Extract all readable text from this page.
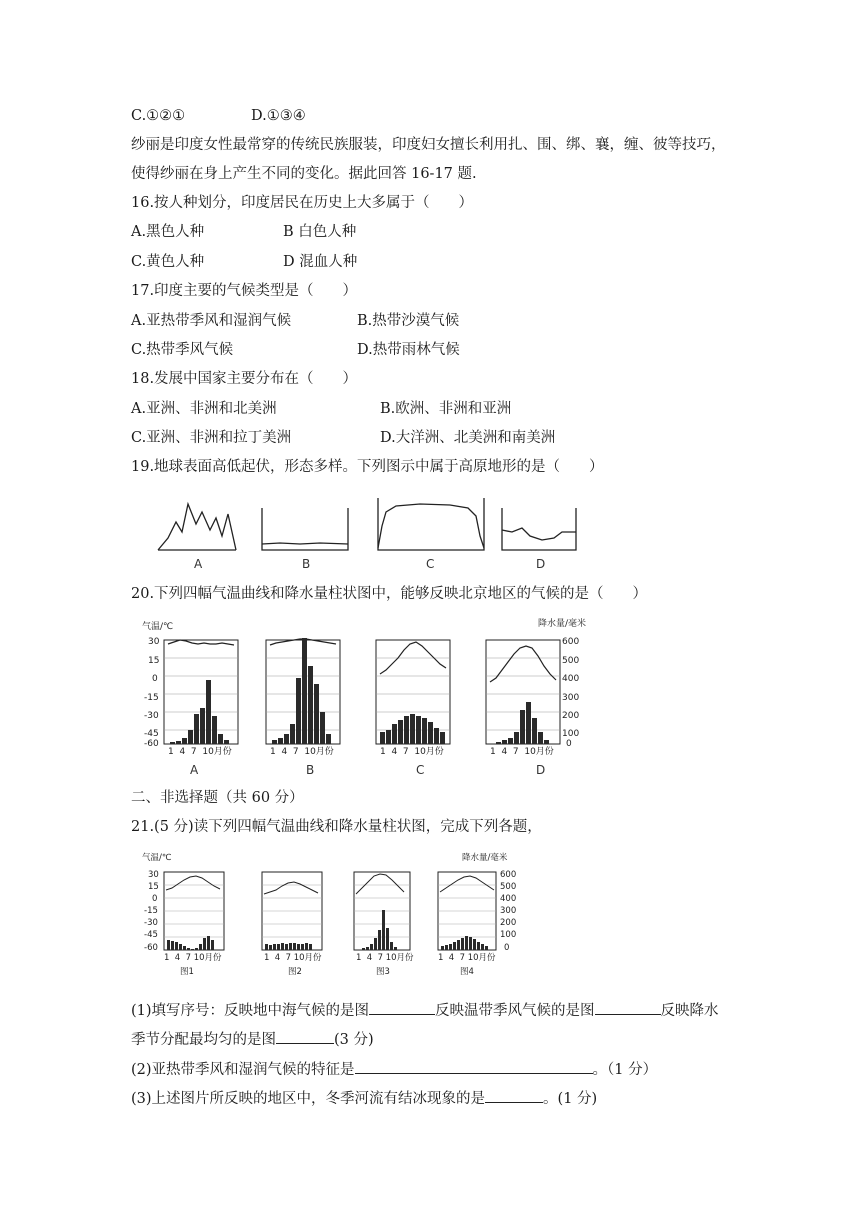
C.①②①	D.①③④
纱丽是印度女性最常穿的传统民族服装，印度妇女擅长利用扎、围、绑、襄，缠、彼等技巧，
使得纱丽在身上产生不同的变化。据此回答 16-17 题.
16.按人种划分，印度居民在历史上大多属于（　　）
A.黑色人种	B 白色人种
C.黄色人种	D 混血人种
17.印度主要的气候类型是（　　）
A.亚热带季风和湿润气候	B.热带沙漠气候
C.热带季风气候	D.热带雨林气候
18.发展中国家主要分布在（　　）
A.亚洲、非洲和北美洲	B.欧洲、非洲和亚洲
C.亚洲、非洲和拉丁美洲	D.大洋洲、北美洲和南美洲
19.地球表面高低起伏，形态多样。下列图示中属于高原地形的是（　　）
A	B	C	D
20.下列四幅气温曲线和降水量柱状图中，能够反映北京地区的气候的是（　　）
气温/℃	降水量/毫米
30
15
0
-15
-30
-45
-60
600
500
400
300
200
100
0
1  4  7  10月份	1  4  7  10月份	1  4  7  10月份	1  4  7  10月份
A	B	C	D
二、非选择题（共 60 分）
21.(5 分)读下列四幅气温曲线和降水量柱状图，完成下列各题，
气温/℃	降水量/毫米
30
15
0
-15
-30
-45
-60
600
500
400
300
200
100
0
1  4  7 10月份	1  4  7 10月份	1  4  7 10月份	1  4  7 10月份
图1	图2	图3	图4
(1)填写序号：反映地中海气候的是图	反映温带季风气候的是图	反映降水
季节分配最均匀的是图	(3 分)
(2)亚热带季风和湿润气候的特征是	。（1 分）
(3)上述图片所反映的地区中，冬季河流有结冰现象的是	。(1 分)
